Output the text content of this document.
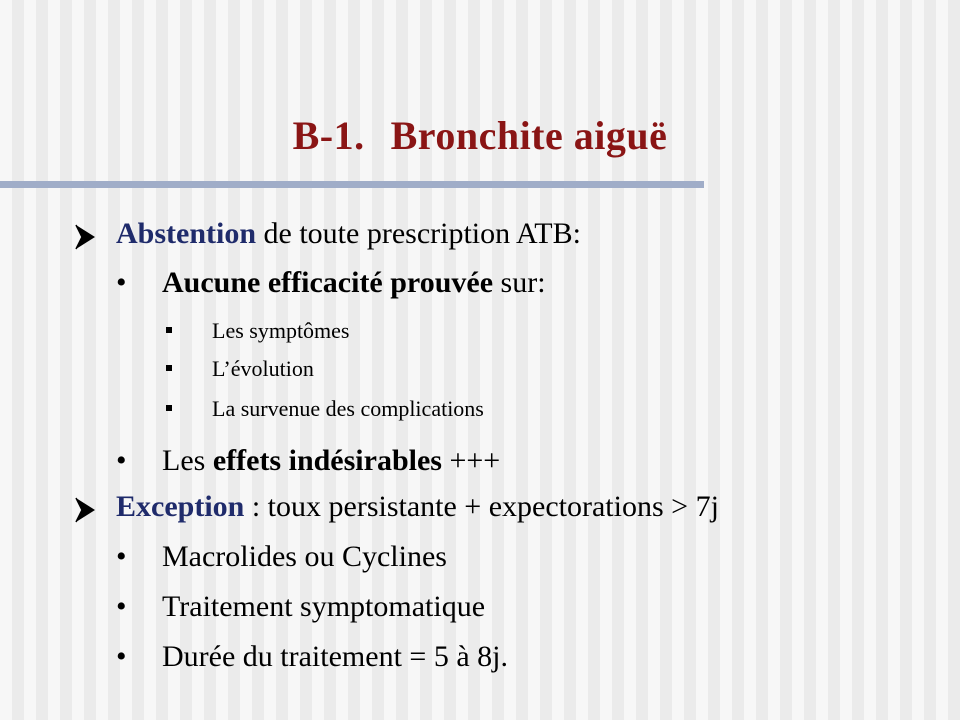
B-1. Bronchite aiguë
Abstention de toute prescription ATB:
• Aucune efficacité prouvée sur:
Les symptômes
L’évolution
La survenue des complications
• Les effets indésirables +++
Exception : toux persistante + expectorations > 7j
• Macrolides ou Cyclines
• Traitement symptomatique
• Durée du traitement = 5 à 8j.
